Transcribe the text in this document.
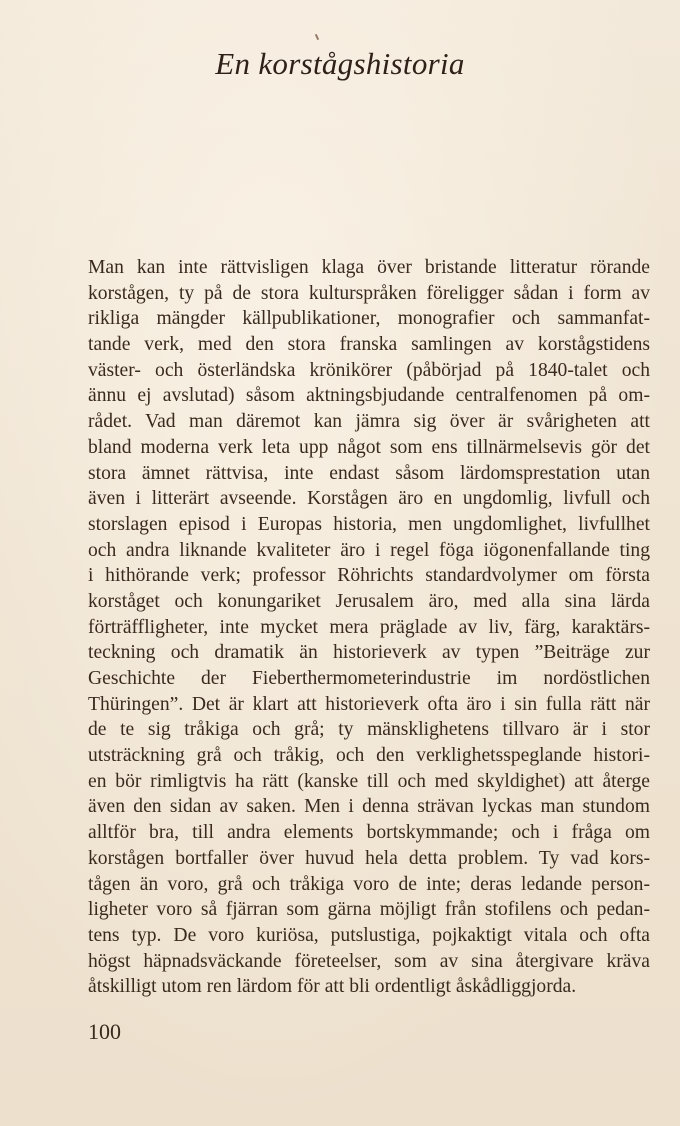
En korstågshistoria
Man kan inte rättvisligen klaga över bristande litteratur rörande
korstågen, ty på de stora kulturspråken föreligger sådan i form av
rikliga mängder källpublikationer, monografier och sammanfat-
tande verk, med den stora franska samlingen av korstågstidens
väster- och österländska krönikörer (påbörjad på 1840-talet och
ännu ej avslutad) såsom aktningsbjudande centralfenomen på om-
rådet. Vad man däremot kan jämra sig över är svårigheten att
bland moderna verk leta upp något som ens tillnärmelsevis gör det
stora ämnet rättvisa, inte endast såsom lärdomsprestation utan
även i litterärt avseende. Korstågen äro en ungdomlig, livfull och
storslagen episod i Europas historia, men ungdomlighet, livfullhet
och andra liknande kvaliteter äro i regel föga iögonenfallande ting
i hithörande verk; professor Röhrichts standardvolymer om första
korståget och konungariket Jerusalem äro, med alla sina lärda
förträffligheter, inte mycket mera präglade av liv, färg, karaktärs-
teckning och dramatik än historieverk av typen ”Beiträge zur
Geschichte der Fieberthermometerindustrie im nordöstlichen
Thüringen”. Det är klart att historieverk ofta äro i sin fulla rätt när
de te sig tråkiga och grå; ty mänsklighetens tillvaro är i stor
utsträckning grå och tråkig, och den verklighetsspeglande histori-
en bör rimligtvis ha rätt (kanske till och med skyldighet) att återge
även den sidan av saken. Men i denna strävan lyckas man stundom
alltför bra, till andra elements bortskymmande; och i fråga om
korstågen bortfaller över huvud hela detta problem. Ty vad kors-
tågen än voro, grå och tråkiga voro de inte; deras ledande person-
ligheter voro så fjärran som gärna möjligt från stofilens och pedan-
tens typ. De voro kuriösa, putslustiga, pojkaktigt vitala och ofta
högst häpnadsväckande företeelser, som av sina återgivare kräva
åtskilligt utom ren lärdom för att bli ordentligt åskådliggjorda.
100
